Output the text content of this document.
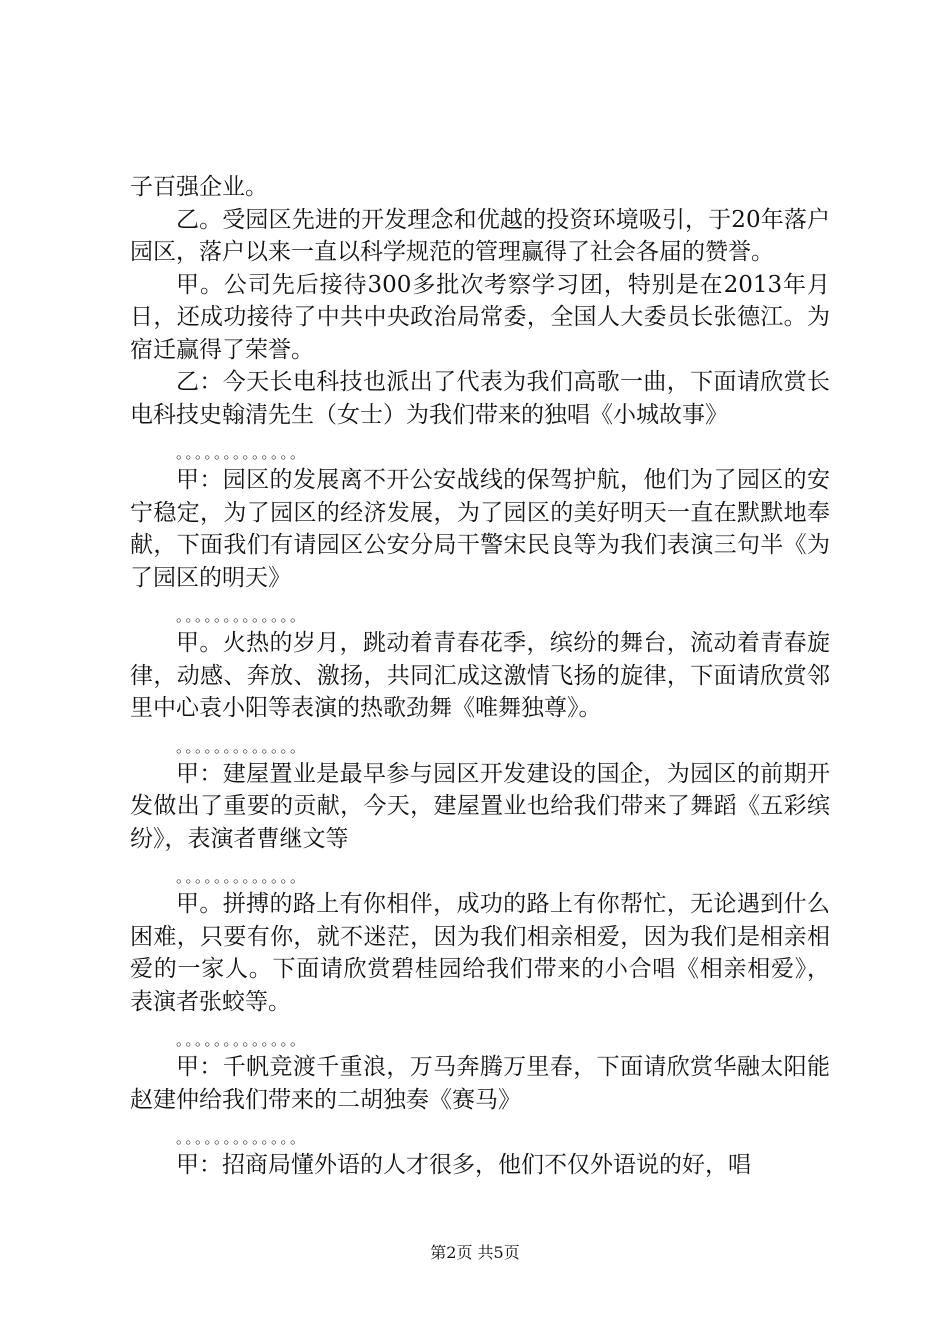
子百强企业。

乙。受园区先进的开发理念和优越的投资环境吸引，于20年落户园区，落户以来一直以科学规范的管理赢得了社会各届的赞誉。

甲。公司先后接待300多批次考察学习团，特别是在2013年月日，还成功接待了中共中央政治局常委，全国人大委员长张德江。为宿迁赢得了荣誉。

乙：今天长电科技也派出了代表为我们高歌一曲，下面请欣赏长电科技史翰清先生（女士）为我们带来的独唱《小城故事》

。。。。。。。。。。。。。

甲：园区的发展离不开公安战线的保驾护航，他们为了园区的安宁稳定，为了园区的经济发展，为了园区的美好明天一直在默默地奉献，下面我们有请园区公安分局干警宋民良等为我们表演三句半《为了园区的明天》

。。。。。。。。。。。。。

甲。火热的岁月，跳动着青春花季，缤纷的舞台，流动着青春旋律，动感、奔放、激扬，共同汇成这激情飞扬的旋律，下面请欣赏邻里中心袁小阳等表演的热歌劲舞《唯舞独尊》。

。。。。。。。。。。。。。

甲：建屋置业是最早参与园区开发建设的国企，为园区的前期开发做出了重要的贡献，今天，建屋置业也给我们带来了舞蹈《五彩缤纷》，表演者曹继文等

。。。。。。。。。。。。。

甲。拼搏的路上有你相伴，成功的路上有你帮忙，无论遇到什么困难，只要有你，就不迷茫，因为我们相亲相爱，因为我们是相亲相爱的一家人。下面请欣赏碧桂园给我们带来的小合唱《相亲相爱》，表演者张蛟等。

。。。。。。。。。。。。。

甲：千帆竞渡千重浪，万马奔腾万里春，下面请欣赏华融太阳能赵建仲给我们带来的二胡独奏《赛马》

。。。。。。。。。。。。。

甲：招商局懂外语的人才很多，他们不仅外语说的好，唱

第2页 共5页
